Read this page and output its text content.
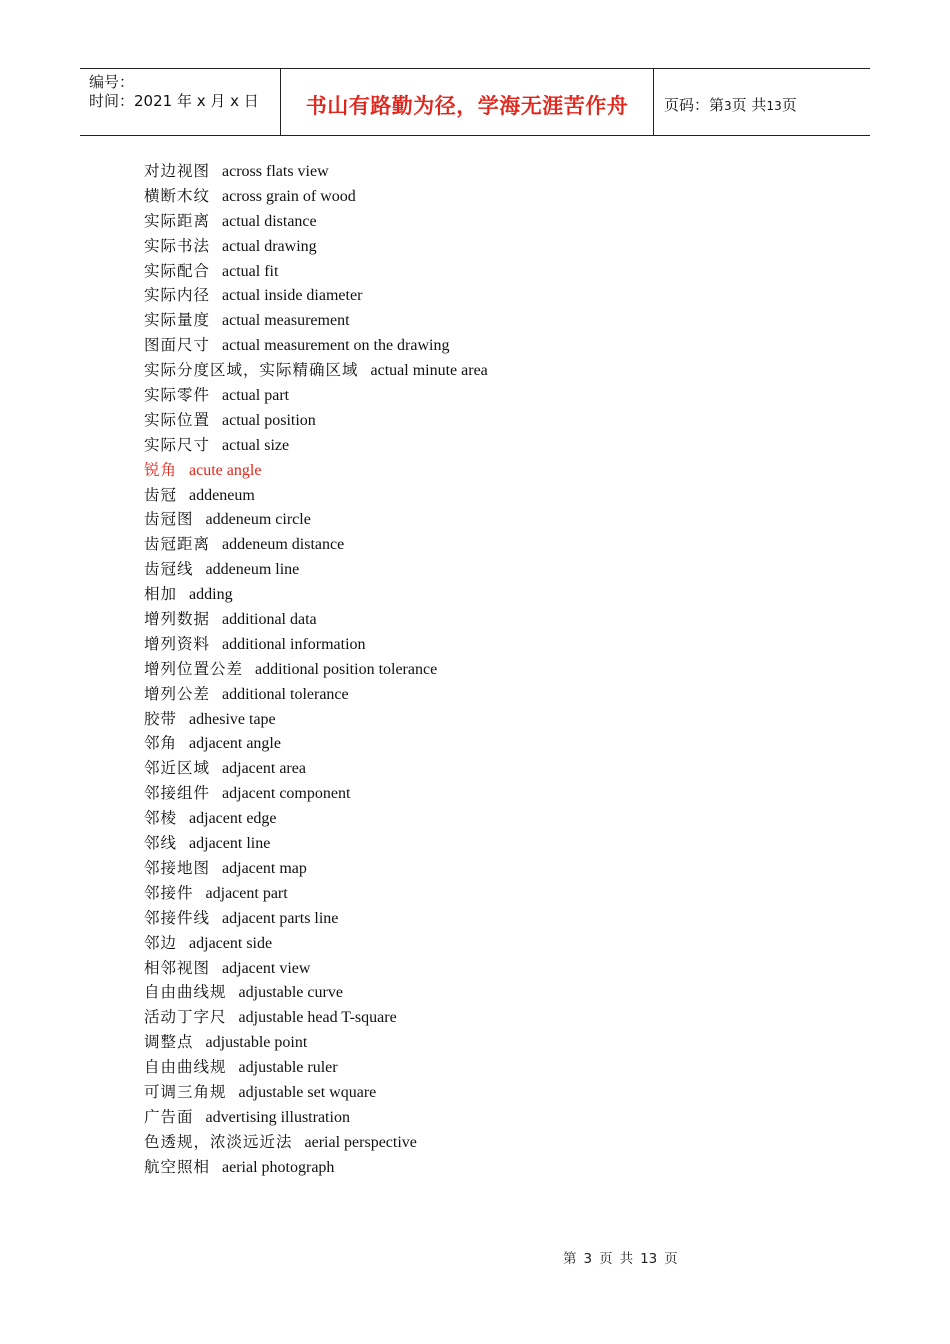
编号：
时间：2021 年 x 月 x 日	书山有路勤为径，学海无涯苦作舟	页码：第3页 共13页
对边视图 across flats view
横断木纹 across grain of wood
实际距离 actual distance
实际书法 actual drawing
实际配合 actual fit
实际内径 actual inside diameter
实际量度 actual measurement
图面尺寸 actual measurement on the drawing
实际分度区域，实际精确区域 actual minute area
实际零件 actual part
实际位置 actual position
实际尺寸 actual size
锐角 acute angle
齿冠 addeneum
齿冠图 addeneum circle
齿冠距离 addeneum distance
齿冠线 addeneum line
相加 adding
增列数据 additional data
增列资料 additional information
增列位置公差 additional position tolerance
增列公差 additional tolerance
胶带 adhesive tape
邻角 adjacent angle
邻近区域 adjacent area
邻接组件 adjacent component
邻棱 adjacent edge
邻线 adjacent line
邻接地图 adjacent map
邻接件 adjacent part
邻接件线 adjacent parts line
邻边 adjacent side
相邻视图 adjacent view
自由曲线规 adjustable curve
活动丁字尺 adjustable head T-square
调整点 adjustable point
自由曲线规 adjustable ruler
可调三角规 adjustable set wquare
广告面 advertising illustration
色透规，浓淡远近法 aerial perspective
航空照相 aerial photograph
第 3 页 共 13 页
